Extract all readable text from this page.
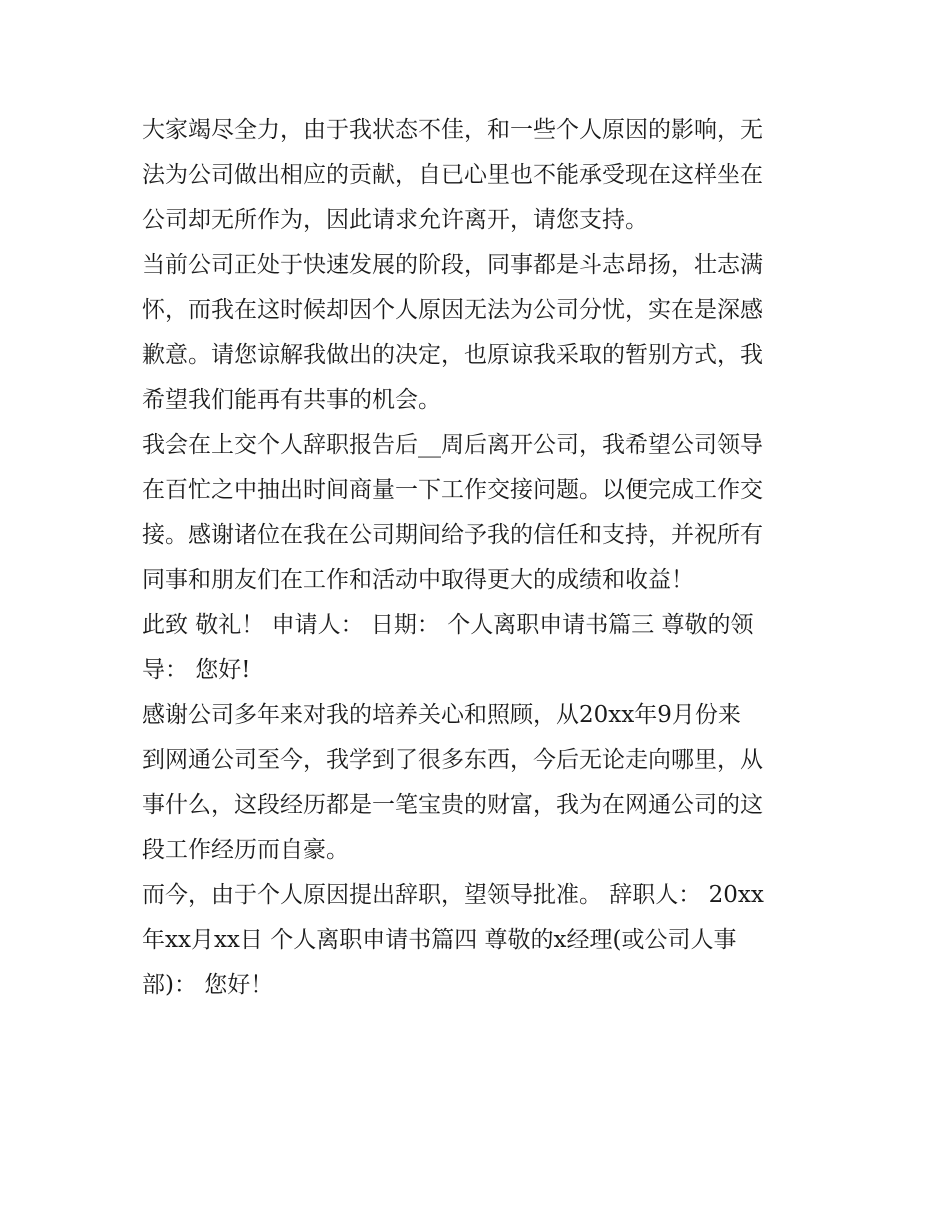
大家竭尽全力，由于我状态不佳，和一些个人原因的影响，无
法为公司做出相应的贡献，自已心里也不能承受现在这样坐在
公司却无所作为，因此请求允许离开，请您支持。
当前公司正处于快速发展的阶段，同事都是斗志昂扬，壮志满
怀，而我在这时候却因个人原因无法为公司分忧，实在是深感
歉意。请您谅解我做出的决定，也原谅我采取的暂别方式，我
希望我们能再有共事的机会。
我会在上交个人辞职报告后__周后离开公司，我希望公司领导
在百忙之中抽出时间商量一下工作交接问题。以便完成工作交
接。感谢诸位在我在公司期间给予我的信任和支持，并祝所有
同事和朋友们在工作和活动中取得更大的成绩和收益！
此致 敬礼！ 申请人： 日期： 个人离职申请书篇三 尊敬的领
导： 您好!
感谢公司多年来对我的培养关心和照顾，从20xx年9月份来
到网通公司至今，我学到了很多东西，今后无论走向哪里，从
事什么，这段经历都是一笔宝贵的财富，我为在网通公司的这
段工作经历而自豪。
而今，由于个人原因提出辞职，望领导批准。 辞职人： 20xx
年xx月xx日 个人离职申请书篇四 尊敬的x经理(或公司人事
部)： 您好！
